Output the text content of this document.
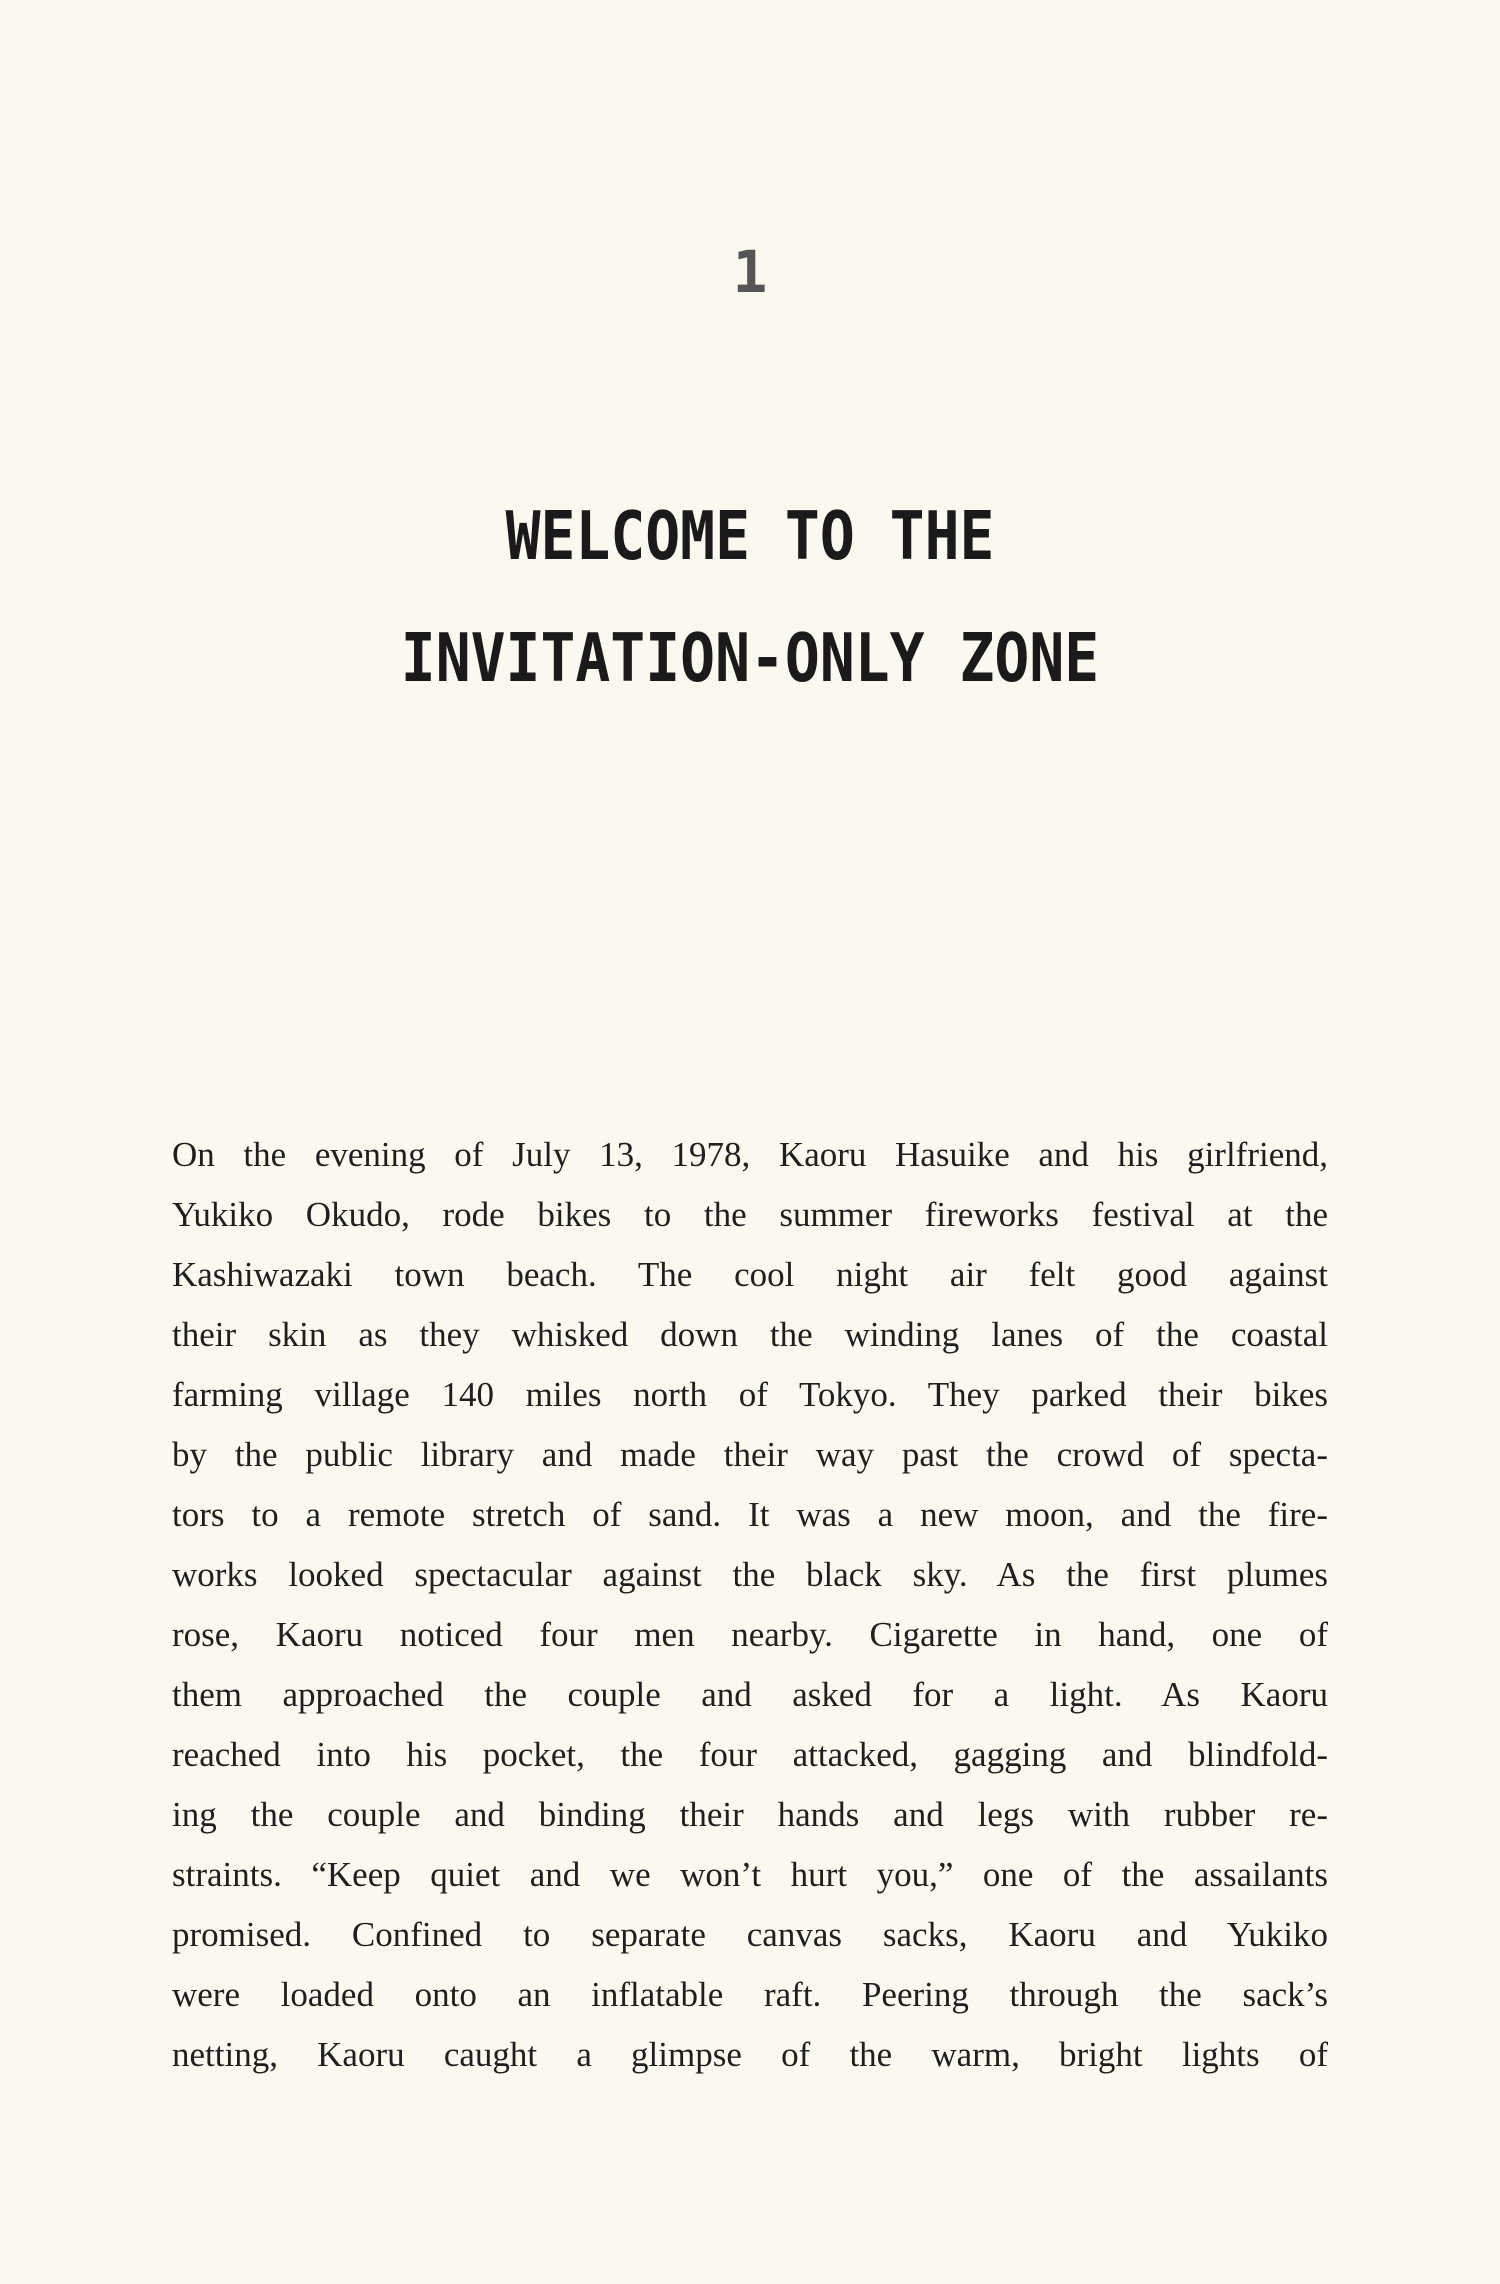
1
WELCOME TO THE
INVITATION-ONLY ZONE
On the evening of July 13, 1978, Kaoru Hasuike and his girlfriend,
Yukiko Okudo, rode bikes to the summer fireworks festival at the
Kashiwazaki town beach. The cool night air felt good against
their skin as they whisked down the winding lanes of the coastal
farming village 140 miles north of Tokyo. They parked their bikes
by the public library and made their way past the crowd of specta-
tors to a remote stretch of sand. It was a new moon, and the fire-
works looked spectacular against the black sky. As the first plumes
rose, Kaoru noticed four men nearby. Cigarette in hand, one of
them approached the couple and asked for a light. As Kaoru
reached into his pocket, the four attacked, gagging and blindfold-
ing the couple and binding their hands and legs with rubber re-
straints. “Keep quiet and we won’t hurt you,” one of the assailants
promised. Confined to separate canvas sacks, Kaoru and Yukiko
were loaded onto an inflatable raft. Peering through the sack’s
netting, Kaoru caught a glimpse of the warm, bright lights of
